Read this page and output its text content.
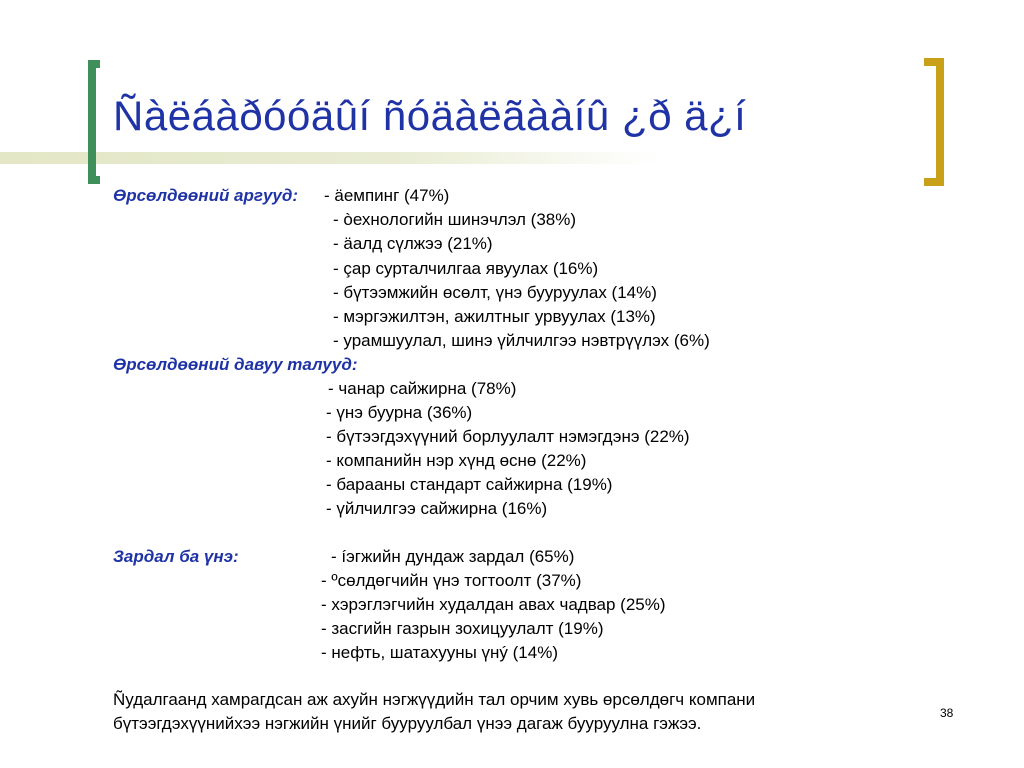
Ñàëáàðóóäûí ñóäàëãààíû ¿ð ä¿í
Өрсөлдөөний аргууд: - äемпинг (47%)
- òехнологийн шинэчлэл (38%)
- äалд сүлжээ (21%)
- çар сурталчилгаа явуулах (16%)
- бүтээмжийн өсөлт, үнэ бууруулах (14%)
- мэргэжилтэн, ажилтныг урвуулах (13%)
- урамшуулал, шинэ үйлчилгээ нэвтрүүлэх (6%)
Өрсөлдөөний давуу талууд:
- чанар сайжирна (78%)
- үнэ буурна (36%)
- бүтээгдэхүүний борлуулалт нэмэгдэнэ (22%)
- компанийн нэр хүнд өснө (22%)
- барааны стандарт сайжирна (19%)
- үйлчилгээ сайжирна (16%)
Зардал ба үнэ:	- íэгжийн дундаж зардал (65%)
- ºсөлдөгчийн үнэ тогтоолт (37%)
- хэрэглэгчийн худалдан авах чадвар (25%)
- засгийн газрын зохицуулалт (19%)
- нефть, шатахууны үнý (14%)
Ñудалгаанд хамрагдсан аж ахуйн нэгжүүдийн тал орчим хувь өрсөлдөгч компани
бүтээгдэхүүнийхээ нэгжийн үнийг бууруулбал үнээ дагаж бууруулна гэжээ.
38
